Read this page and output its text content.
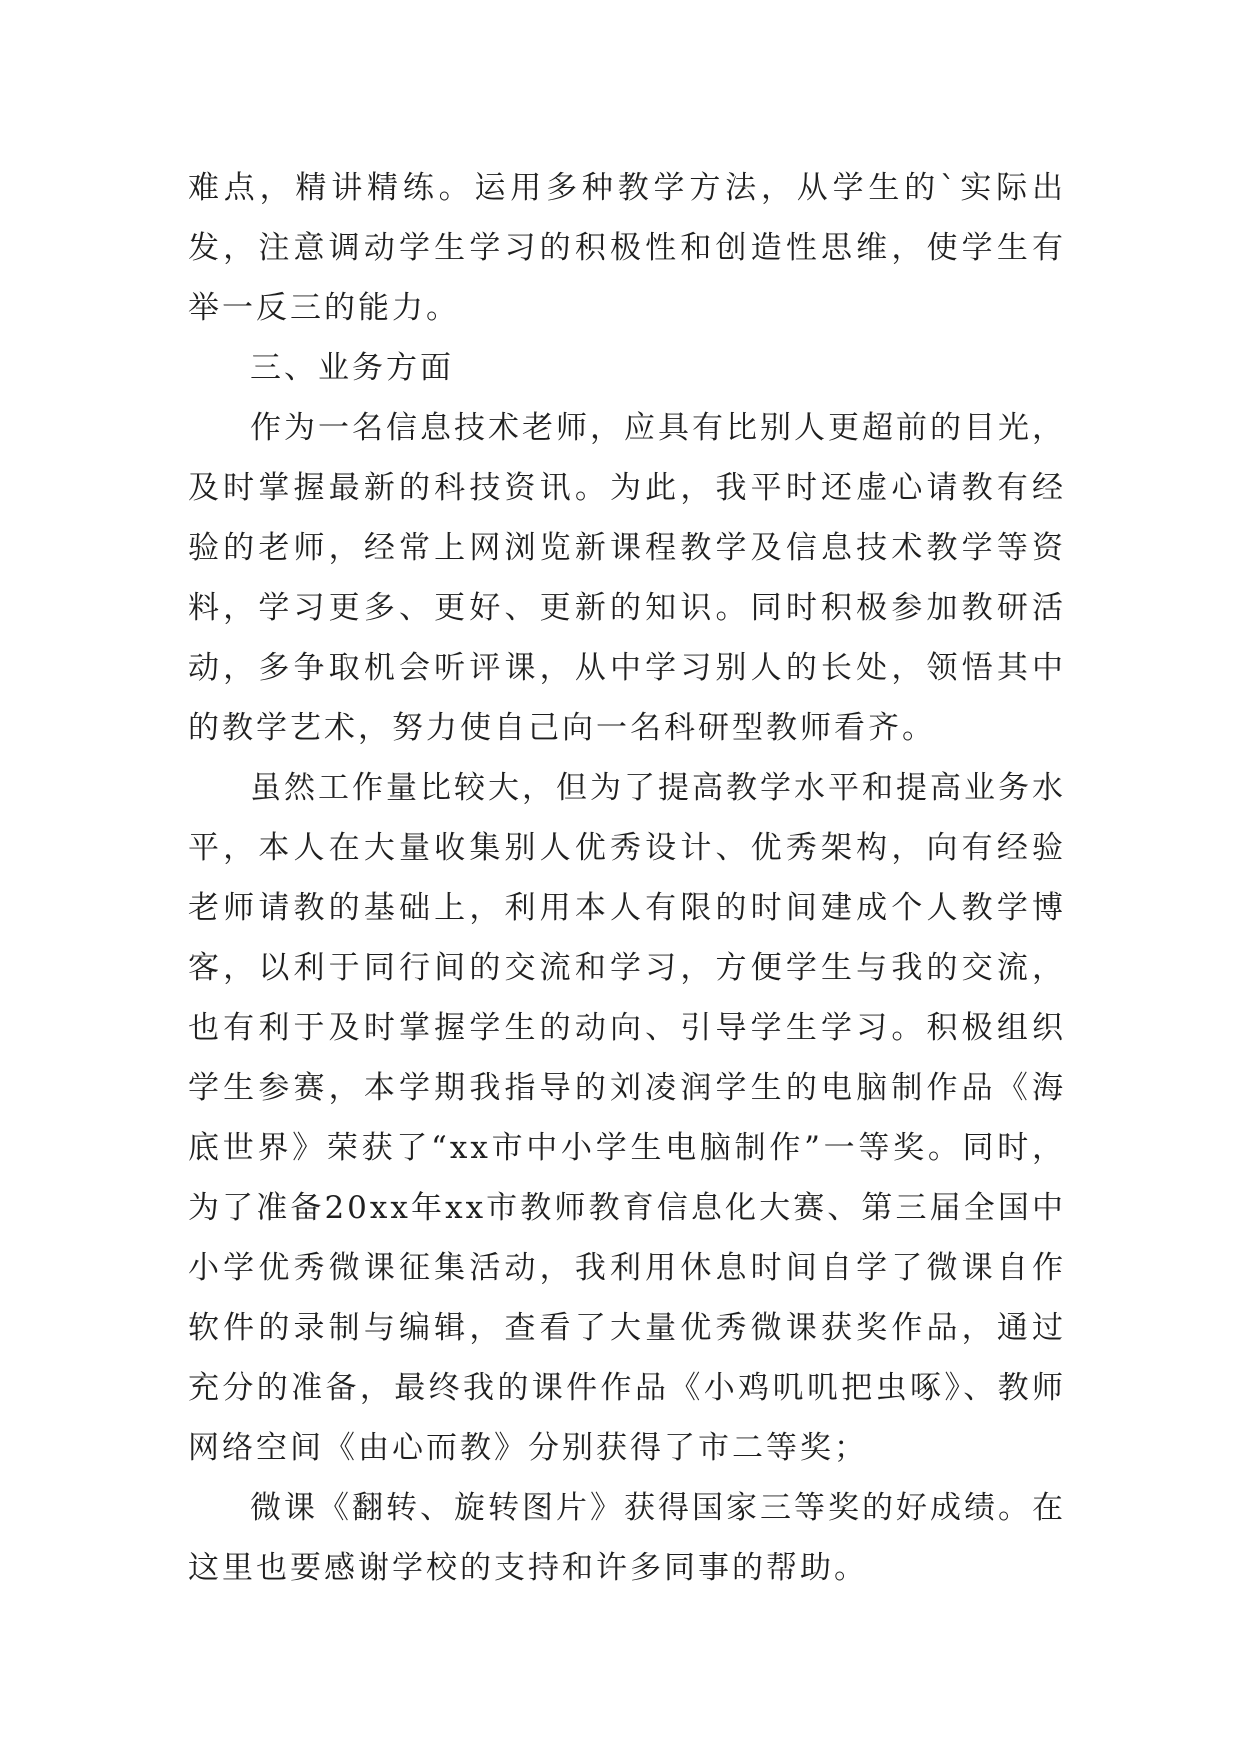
难点，精讲精练。运用多种教学方法，从学生的`实际出发，注意调动学生学习的积极性和创造性思维，使学生有举一反三的能力。

三、业务方面

作为一名信息技术老师，应具有比别人更超前的目光，及时掌握最新的科技资讯。为此，我平时还虚心请教有经验的老师，经常上网浏览新课程教学及信息技术教学等资料，学习更多、更好、更新的知识。同时积极参加教研活动，多争取机会听评课，从中学习别人的长处，领悟其中的教学艺术，努力使自己向一名科研型教师看齐。

虽然工作量比较大，但为了提高教学水平和提高业务水平，本人在大量收集别人优秀设计、优秀架构，向有经验老师请教的基础上，利用本人有限的时间建成个人教学博客，以利于同行间的交流和学习，方便学生与我的交流，也有利于及时掌握学生的动向、引导学生学习。积极组织学生参赛，本学期我指导的刘凌润学生的电脑制作品《海底世界》荣获了“xx市中小学生电脑制作”一等奖。同时，为了准备20xx年xx市教师教育信息化大赛、第三届全国中小学优秀微课征集活动，我利用休息时间自学了微课自作软件的录制与编辑，查看了大量优秀微课获奖作品，通过充分的准备，最终我的课件作品《小鸡叽叽把虫啄》、教师网络空间《由心而教》分别获得了市二等奖；

微课《翻转、旋转图片》获得国家三等奖的好成绩。在这里也要感谢学校的支持和许多同事的帮助。
